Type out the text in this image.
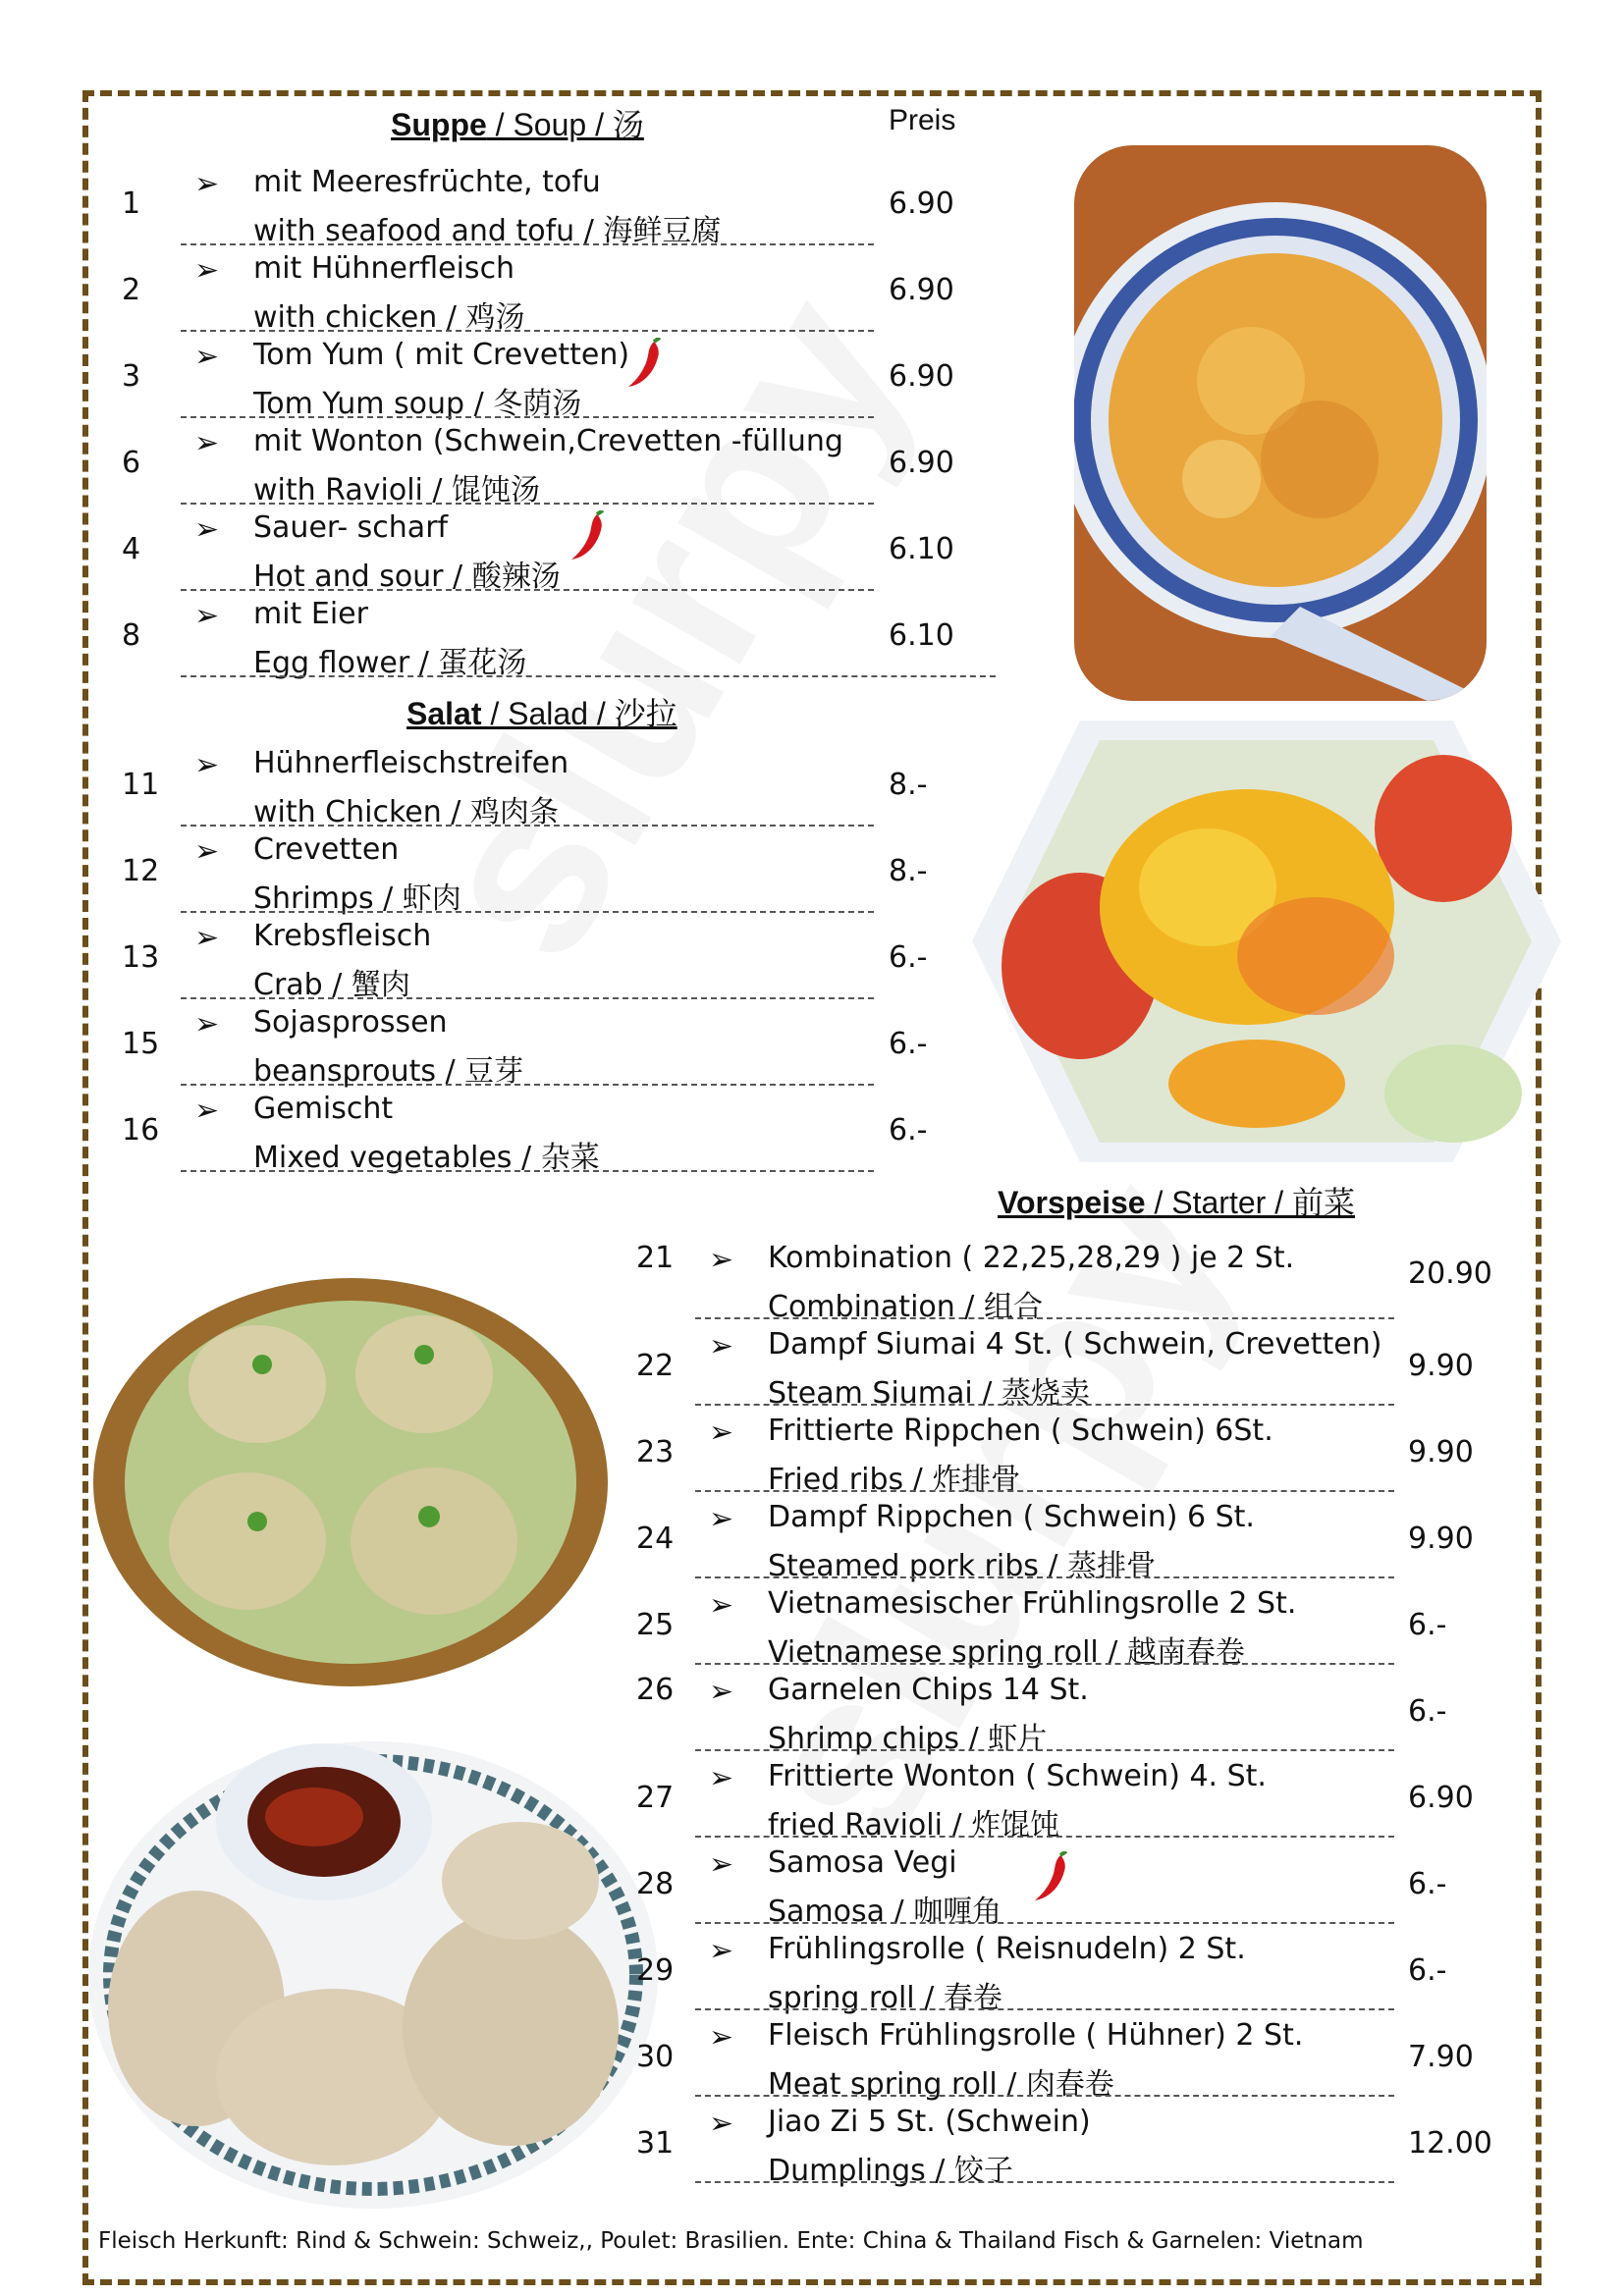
Suppe / Soup / 汤	Preis
1
➢ mit Meeresfrüchte, tofu
with seafood and tofu / 海鲜豆腐
6.90
2
➢ mit Hühnerfleisch
with chicken / 鸡汤
6.90
3
➢ Tom Yum ( mit Crevetten)
Tom Yum soup / 冬荫汤
6.90
6
➢ mit Wonton (Schwein,Crevetten -füllung
with Ravioli / 馄饨汤
6.90
4
➢ Sauer- scharf
Hot and sour / 酸辣汤
6.10
8
➢ mit Eier
Egg flower / 蛋花汤
6.10
Salat / Salad / 沙拉
11
➢ Hühnerfleischstreifen
with Chicken / 鸡肉条
8.-
12
➢ Crevetten
Shrimps / 虾肉
8.-
13
➢ Krebsfleisch
Crab / 蟹肉
6.-
15
➢ Sojasprossen
beansprouts / 豆芽
6.-
16
➢ Gemischt
Mixed vegetables / 杂菜
6.-
Vorspeise / Starter / 前菜
21 ➢ Kombination ( 22,25,28,29 ) je 2 St.
Combination / 组合
20.90
22
➢ Dampf Siumai 4 St. ( Schwein, Crevetten)
Steam Siumai / 蒸烧卖
9.90
23
➢ Frittierte Rippchen ( Schwein) 6St.
Fried ribs / 炸排骨
9.90
24
➢ Dampf Rippchen ( Schwein) 6 St.
Steamed pork ribs / 蒸排骨
9.90
25
➢ Vietnamesischer Frühlingsrolle 2 St.
Vietnamese spring roll / 越南春卷
6.-
26 ➢ Garnelen Chips 14 St.
Shrimp chips / 虾片
6.-
27
➢ Frittierte Wonton ( Schwein) 4. St.
fried Ravioli / 炸馄饨
6.90
28
➢ Samosa Vegi
Samosa / 咖喱角
6.-
29
➢ Frühlingsrolle ( Reisnudeln) 2 St.
spring roll / 春卷
6.-
30
➢ Fleisch Frühlingsrolle ( Hühner) 2 St.
Meat spring roll / 肉春卷
7.90
31
➢ Jiao Zi 5 St. (Schwein)
Dumplings / 饺子
12.00
Fleisch Herkunft: Rind & Schwein: Schweiz,, Poulet: Brasilien. Ente: China & Thailand Fisch & Garnelen: Vietnam
